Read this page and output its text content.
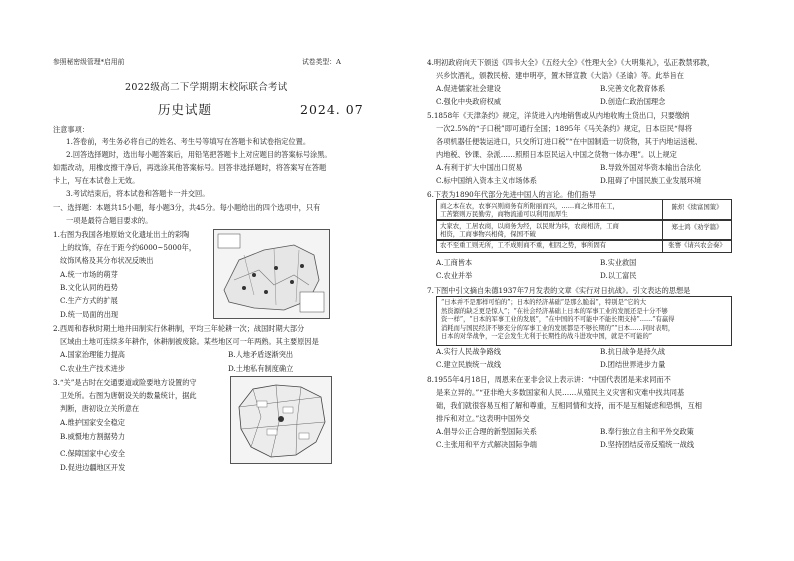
参照秘密级管理*启用前	试卷类型：A
2022级高二下学期期末校际联合考试
历史试题	2024. 07
注意事项：
1.答卷前，考生务必将自己的姓名、考生号等填写在答题卡和试卷指定位置。
2.回答选择题时，选出每小题答案后，用铅笔把答题卡上对应题目的答案标号涂黑。
如需改动，用橡皮擦干净后，再选涂其他答案标号。回答非选择题时，将答案写在答题
卡上，写在本试卷上无效。
3.考试结束后，将本试卷和答题卡一并交回。
一、选择题：本题共15小题，每小题3分，共45分。每小题给出的四个选项中，只有
一项是最符合题目要求的。
1.右图为我国各地原始文化遗址出土的彩陶
上的纹饰，存在于距今约6000~5000年，
纹饰风格及其分布状况反映出
A.统一市场的萌芽
B.文化认同的趋势
C.生产方式的扩展
D.统一局面的出现
2.西周和春秋时期土地井田制实行休耕制，平均三年轮耕一次；战国时期大部分
区域由土地可连续多年耕作，休耕制被废除。某些地区可一年两熟。其主要原因是
A.国家治理能力提高	B.人地矛盾逐渐突出
C.农业生产技术进步	D.土地私有制度确立
3.“关”是古时在交通要道或险要地方设置的守
卫处所。右图为唐朝设关的数量统计，据此
判断，唐初设立关所意在
A.维护国家安全稳定
B.威慑地方割据势力
C.保障国家中心安全
D.促进边疆地区开发
4.明初政府向天下颁送《四书大全》《五经大全》《性理大全》《大明集礼》，弘正教禁邪教，
兴乡饮酒礼，颁教民榜、建申明亭，置木铎宣教《大诰》《圣谕》等。此举旨在
A.促进儒家社会建设	B.完善文化教育体系
C.强化中央政府权威	D.创造仁政治国理念
5.1858年《天津条约》规定，洋货进入内地销售或从内地收购土货出口，只要缴纳
一次2.5%的“子口税”即可通行全国；1895年《马关条约》规定，日本臣民“得将
各项机器任便装运进口，只交所订进口税”“在中国制造一切货物，其于内地运送税、
内地税、钞课、杂派……照照日本臣民运入中国之货物一体办理”。以上规定
A.有利于扩大中国出口贸易	B.导致外国对华资本输出合法化
C.标中国纳入资本主义市场体系	D.阻碍了中国民族工业发展环境
6.下表为1890年代部分先进中国人的言论。他们指导
商之本在农，农事兴则商务有所附丽而兴，……商之体用在工，
工苦繁则万民勤劳，商物流通可以利用而厚生
陈炽《续富国策》
大家农，工居农商，以商务为经，以民财为纬，农商相济，工商
相资，工商事物兴相倚，保国不破
郑士鸿《劝学篇》
农不至重工则无所，工不成则商不重，相因之势，事所固有	张謇《请兴农会奏》
A.工商皆本	B.实业救国
C.农业并举	D.以工富民
7.下图中引文摘自朱德1937年7月发表的文章《实行对日抗战》。引文表达的思想是
“日本并不是那样可怕的”；日本的经济基础“是那么脆弱”，特别是“它的大
然资源的缺乏更是惊人”；“在社会经济基础上日本的军事工业的发展还是十分不够
资一样”，“日本的军事工业的发展”，“在中国的不可能中不能长期支持”……“有赢得
消耗而与国民经济不够充分的军事工业的发展都是不够长期的”“日本……同时表明，
日本的对华战争，一定会发生尤利于长期性的战斗进攻中国，就是不可能的”
A.实行人民战争路线	B.抗日战争是持久战
C.建立民族统一战线	D.团结世界进步力量
8.1955年4月18日，周恩来在亚非会议上表示讲：“中国代表团是来求同而不
是来立异的。”“亚非绝大多数国家和人民……从殖民主义灾害和灾难中找共同基
础，我们就很容易互相了解和尊重，互相同情和支持，而不是互相疑虑和恐惧，互相
排斥和对立。”这表明中国外交
A.倡导公正合理的新型国际关系	B.奉行独立自主和平外交政策
C.主张用和平方式解决国际争端	D.坚持团结反帝反殖统一战线
